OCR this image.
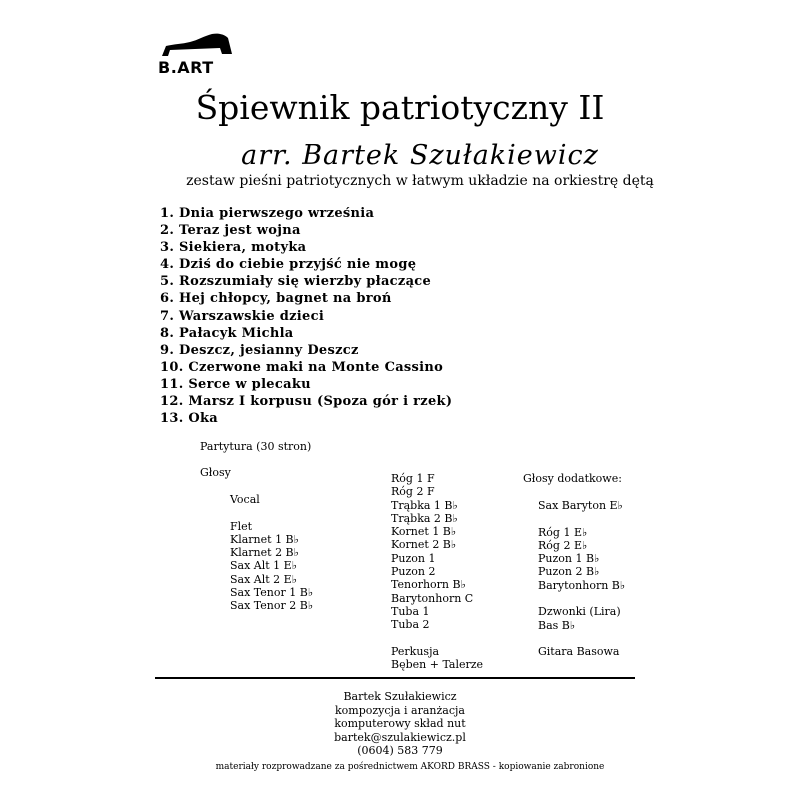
B.ART
Śpiewnik patriotyczny II
arr. Bartek Szułakiewicz
zestaw pieśni patriotycznych w łatwym układzie na orkiestrę dętą
1. Dnia pierwszego września
2. Teraz jest wojna
3. Siekiera, motyka
4. Dziś do ciebie przyjść nie mogę
5. Rozszumiały się wierzby płaczące
6. Hej chłopcy, bagnet na broń
7. Warszawskie dzieci
8. Pałacyk Michla
9. Deszcz, jesianny Deszcz
10. Czerwone maki na Monte Cassino
11. Serce w plecaku
12. Marsz I korpusu (Spoza gór i rzek)
13. Oka
Partytura (30 stron)
Głosy
Vocal
Flet
Klarnet 1 B♭
Klarnet 2 B♭
Sax Alt 1 E♭
Sax Alt 2 E♭
Sax Tenor 1 B♭
Sax Tenor 2 B♭
Róg 1 F
Róg 2 F
Trąbka 1 B♭
Trąbka 2 B♭
Kornet 1 B♭
Kornet 2 B♭
Puzon 1
Puzon 2
Tenorhorn B♭
Barytonhorn C
Tuba 1
Tuba 2
Perkusja
Bęben + Talerze
Głosy dodatkowe:
Sax Baryton E♭
Róg 1 E♭
Róg 2 E♭
Puzon 1 B♭
Puzon 2 B♭
Barytonhorn B♭
Dzwonki (Lira)
Bas B♭
Gitara Basowa
Bartek Szułakiewicz
kompozycja i aranżacja
komputerowy skład nut
bartek@szulakiewicz.pl
(0604) 583 779
materiały rozprowadzane za pośrednictwem AKORD BRASS - kopiowanie zabronione
